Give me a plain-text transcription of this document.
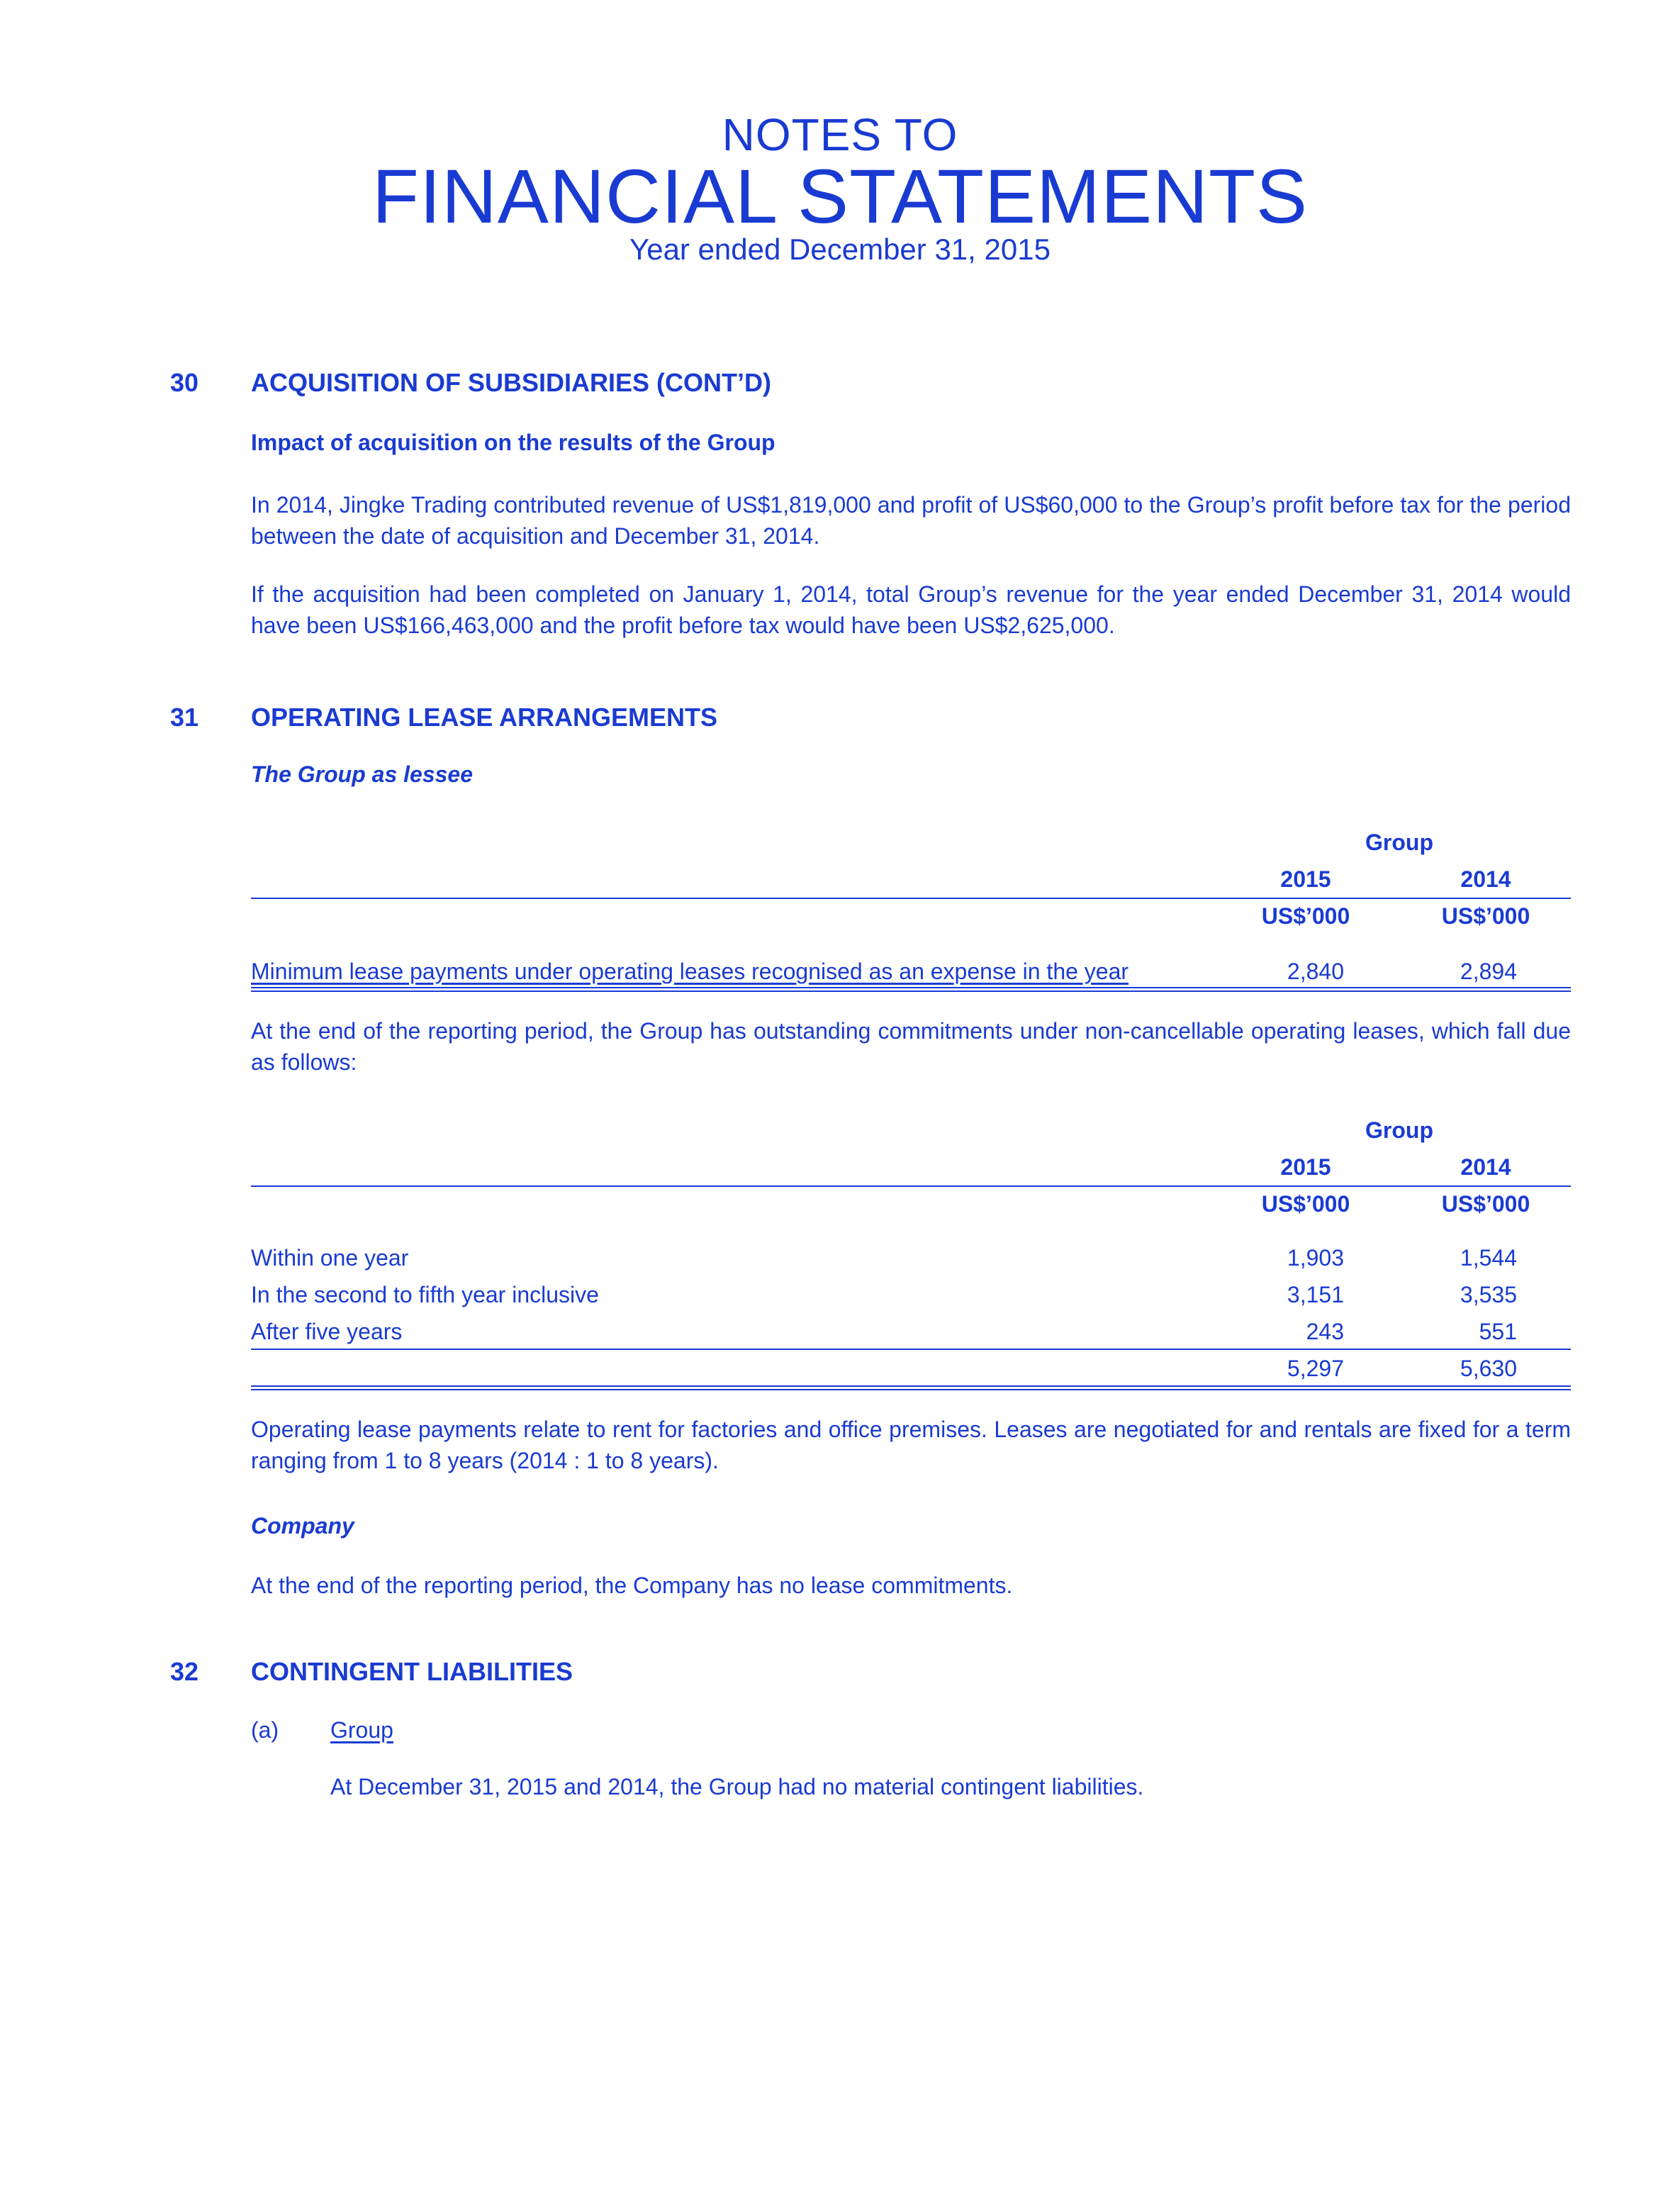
NOTES TO
FINANCIAL STATEMENTS
Year ended December 31, 2015
30 ACQUISITION OF SUBSIDIARIES (CONT’D)
Impact of acquisition on the results of the Group

In 2014, Jingke Trading contributed revenue of US$1,819,000 and profit of US$60,000 to the Group’s profit before tax for the period between the date of acquisition and December 31, 2014.

If the acquisition had been completed on January 1, 2014, total Group’s revenue for the year ended December 31, 2014 would have been US$166,463,000 and the profit before tax would have been US$2,625,000.

31 OPERATING LEASE ARRANGEMENTS
The Group as lessee
Group
2015	2014
US$’000	US$’000
Minimum lease payments under operating leases recognised as an expense in the year	2,840	2,894

At the end of the reporting period, the Group has outstanding commitments under non-cancellable operating leases, which fall due as follows:

Group
2015	2014
US$’000	US$’000
Within one year	1,903	1,544
In the second to fifth year inclusive	3,151	3,535
After five years	243	551
5,297	5,630

Operating lease payments relate to rent for factories and office premises. Leases are negotiated for and rentals are fixed for a term ranging from 1 to 8 years (2014 : 1 to 8 years).

Company

At the end of the reporting period, the Company has no lease commitments.

32 CONTINGENT LIABILITIES
(a) Group
At December 31, 2015 and 2014, the Group had no material contingent liabilities.
